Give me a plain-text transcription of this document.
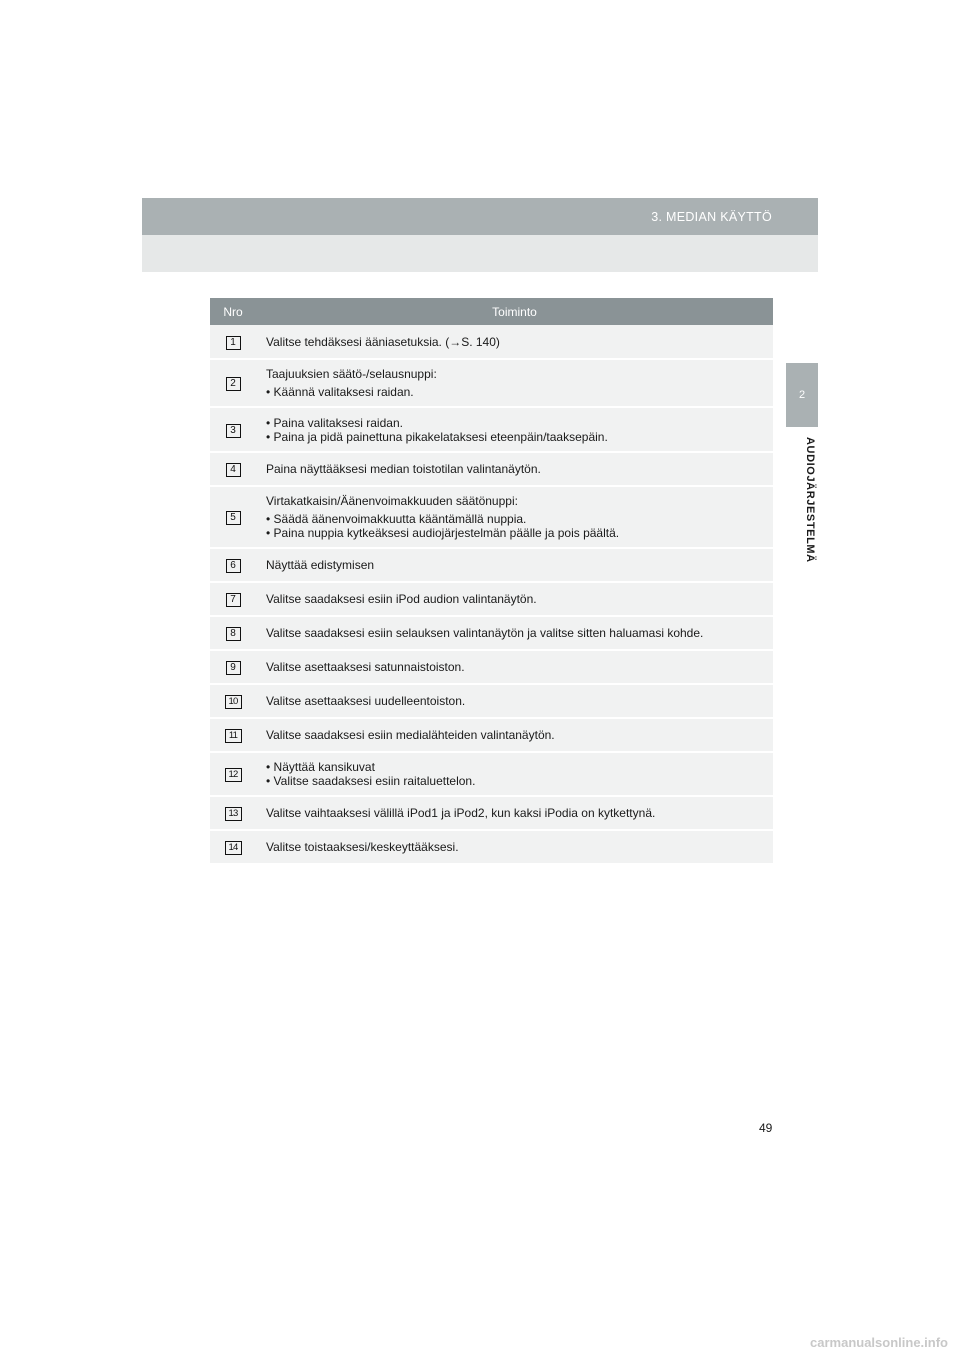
3. MEDIAN KÄYTTÖ
2
AUDIOJÄRJESTELMÄ
Nro	Toiminto
1	Valitse tehdäksesi ääniasetuksia. (→S. 140)

2	Taajuuksien säätö-/selausnuppi:
• Käännä valitaksesi raidan.

3	• Paina valitaksesi raidan.
• Paina ja pidä painettuna pikakelataksesi eteenpäin/taaksepäin.

4	Paina näyttääksesi median toistotilan valintanäytön.

5	Virtakatkaisin/Äänenvoimakkuuden säätönuppi:
• Säädä äänenvoimakkuutta kääntämällä nuppia.
• Paina nuppia kytkeäksesi audiojärjestelmän päälle ja pois päältä.

6	Näyttää edistymisen

7	Valitse saadaksesi esiin iPod audion valintanäytön.

8	Valitse saadaksesi esiin selauksen valintanäytön ja valitse sitten haluamasi kohde.

9	Valitse asettaaksesi satunnaistoiston.

10	Valitse asettaaksesi uudelleentoiston.

11	Valitse saadaksesi esiin medialähteiden valintanäytön.

12	• Näyttää kansikuvat
• Valitse saadaksesi esiin raitaluettelon.

13	Valitse vaihtaaksesi välillä iPod1 ja iPod2, kun kaksi iPodia on kytkettynä.

14	Valitse toistaaksesi/keskeyttääksesi.
49
carmanualsonline.info
